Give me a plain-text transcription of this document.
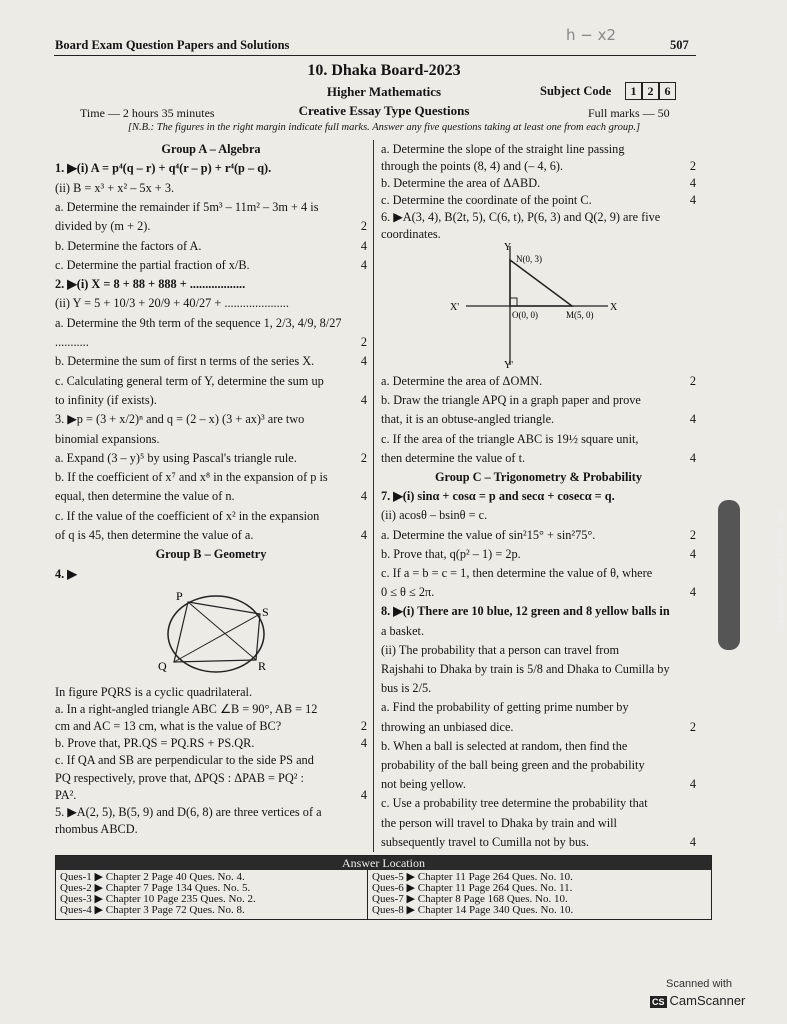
Board Exam Question Papers and Solutions	507
h − x2
10. Dhaka Board-2023
Higher Mathematics	Subject Code	1 2 6
Time — 2 hours 35 minutes	Creative Essay Type Questions	Full marks — 50
[N.B.: The figures in the right margin indicate full marks. Answer any five questions taking at least one from each group.]
Group A – Algebra
1. ▶(i) A = p⁴(q – r) + q⁴(r – p) + r⁴(p – q).
(ii) B = x³ + x² – 5x + 3.
a. Determine the remainder if 5m³ – 11m² – 3m + 4 is
divided by (m + 2).	2
b. Determine the factors of A.	4
c. Determine the partial fraction of x/B.	4
2. ▶(i) X = 8 + 88 + 888 + ..................
(ii) Y = 5 + 10/3 + 20/9 + 40/27 + .....................
a. Determine the 9th term of the sequence 1, 2/3, 4/9, 8/27
...........	2
b. Determine the sum of first n terms of the series X.	4
c. Calculating general term of Y, determine the sum up
to infinity (if exists).	4
3. ▶p = (3 + x/2)ⁿ and q = (2 – x) (3 + ax)³ are two
binomial expansions.
a. Expand (3 – y)⁵ by using Pascal's triangle rule.	2
b. If the coefficient of x⁷ and x⁸ in the expansion of p is
equal, then determine the value of n.	4
c. If the value of the coefficient of x² in the expansion
of q is 45, then determine the value of a.	4
Group B – Geometry
4. ▶
In figure PQRS is a cyclic quadrilateral.
a. In a right-angled triangle ABC ∠B = 90°, AB = 12
cm and AC = 13 cm, what is the value of BC?	2
b. Prove that, PR.QS = PQ.RS + PS.QR.	4
c. If QA and SB are perpendicular to the side PS and
PQ respectively, prove that, ΔPQS : ΔPAB = PQ² :
PA².	4
5. ▶A(2, 5), B(5, 9) and D(6, 8) are three vertices of a
rhombus ABCD.
a. Determine the slope of the straight line passing
through the points (8, 4) and (– 4, 6).	2
b. Determine the area of ΔABD.	4
c. Determine the coordinate of the point C.	4
6. ▶A(3, 4), B(2t, 5), C(6, t), P(6, 3) and Q(2, 9) are five
coordinates.
a. Determine the area of ΔOMN.	2
b. Draw the triangle APQ in a graph paper and prove
that, it is an obtuse-angled triangle.	4
c. If the area of the triangle ABC is 19½ square unit,
then determine the value of t.	4
Group C – Trigonometry & Probability
7. ▶(i) sinα + cosα = p and secα + cosecα = q.
(ii) acosθ – bsinθ = c.
a. Determine the value of sin²15° + sin²75°.	2
b. Prove that, q(p² – 1) = 2p.	4
c. If a = b = c = 1, then determine the value of θ, where
0 ≤ θ ≤ 2π.	4
8. ▶(i) There are 10 blue, 12 green and 8 yellow balls in
a basket.
(ii) The probability that a person can travel from
Rajshahi to Dhaka by train is 5/8 and Dhaka to Cumilla by
bus is 2/5.
a. Find the probability of getting prime number by
throwing an unbiased dice.	2
b. When a ball is selected at random, then find the
probability of the ball being green and the probability
not being yellow.	4
c. Use a probability tree determine the probability that
the person will travel to Dhaka by train and will
subsequently travel to Cumilla not by bus.	4
P
S
Q	R
Y
N(0, 3)
X
X'
O(0, 0)	M(5, 0)
Y'
Answer Location
Ques-1 ▶ Chapter 2 Page 40 Ques. No. 4.
Ques-2 ▶ Chapter 7 Page 134 Ques. No. 5.
Ques-3 ▶ Chapter 10 Page 235 Ques. No. 2.
Ques-4 ▶ Chapter 3 Page 72 Ques. No. 8.
Ques-5 ▶ Chapter 11 Page 264 Ques. No. 10.
Ques-6 ▶ Chapter 11 Page 264 Ques. No. 11.
Ques-7 ▶ Chapter 8 Page 168 Ques. No. 10.
Ques-8 ▶ Chapter 14 Page 340 Ques. No. 10.
Suggestions and Model Test
Scanned with
CS CamScanner
